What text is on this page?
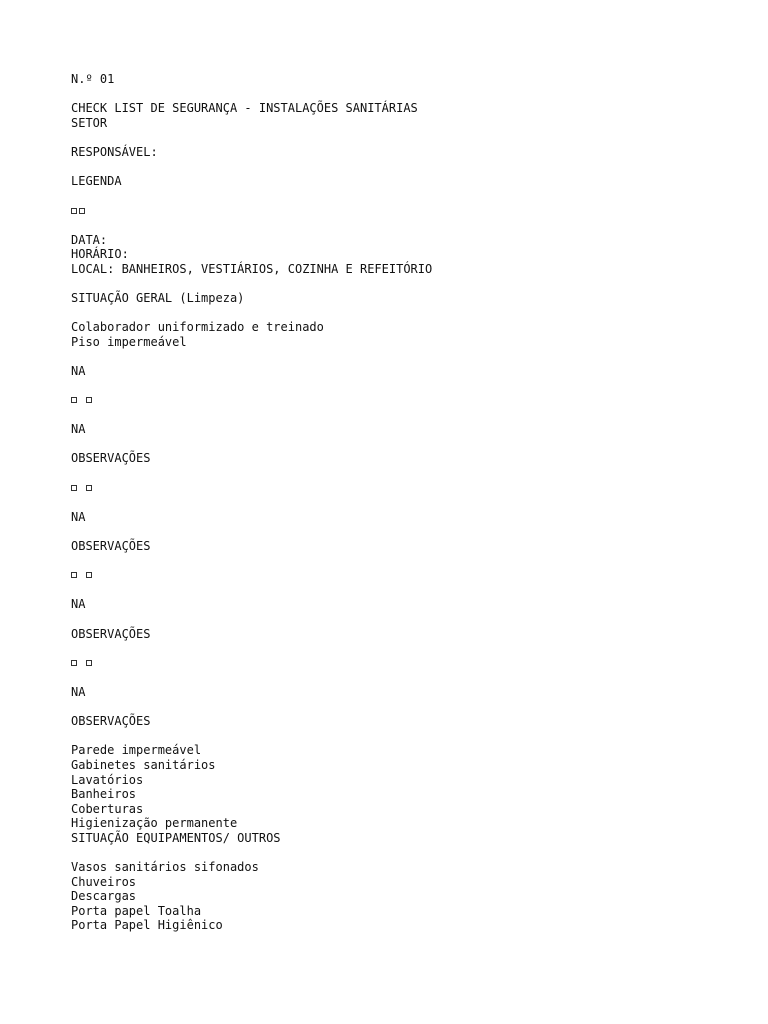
N.º 01
CHECK LIST DE SEGURANÇA - INSTALAÇÕES SANITÁRIAS
SETOR
RESPONSÁVEL:
LEGENDA
DATA:
HORÁRIO:
LOCAL: BANHEIROS, VESTIÁRIOS, COZINHA E REFEITÓRIO
SITUAÇÃO GERAL (Limpeza)
Colaborador uniformizado e treinado
Piso impermeável
NA
NA
OBSERVAÇÕES
NA
OBSERVAÇÕES
NA
OBSERVAÇÕES
NA
OBSERVAÇÕES
Parede impermeável
Gabinetes sanitários
Lavatórios
Banheiros
Coberturas
Higienização permanente
SITUAÇÃO EQUIPAMENTOS/ OUTROS
Vasos sanitários sifonados
Chuveiros
Descargas
Porta papel Toalha
Porta Papel Higiênico
